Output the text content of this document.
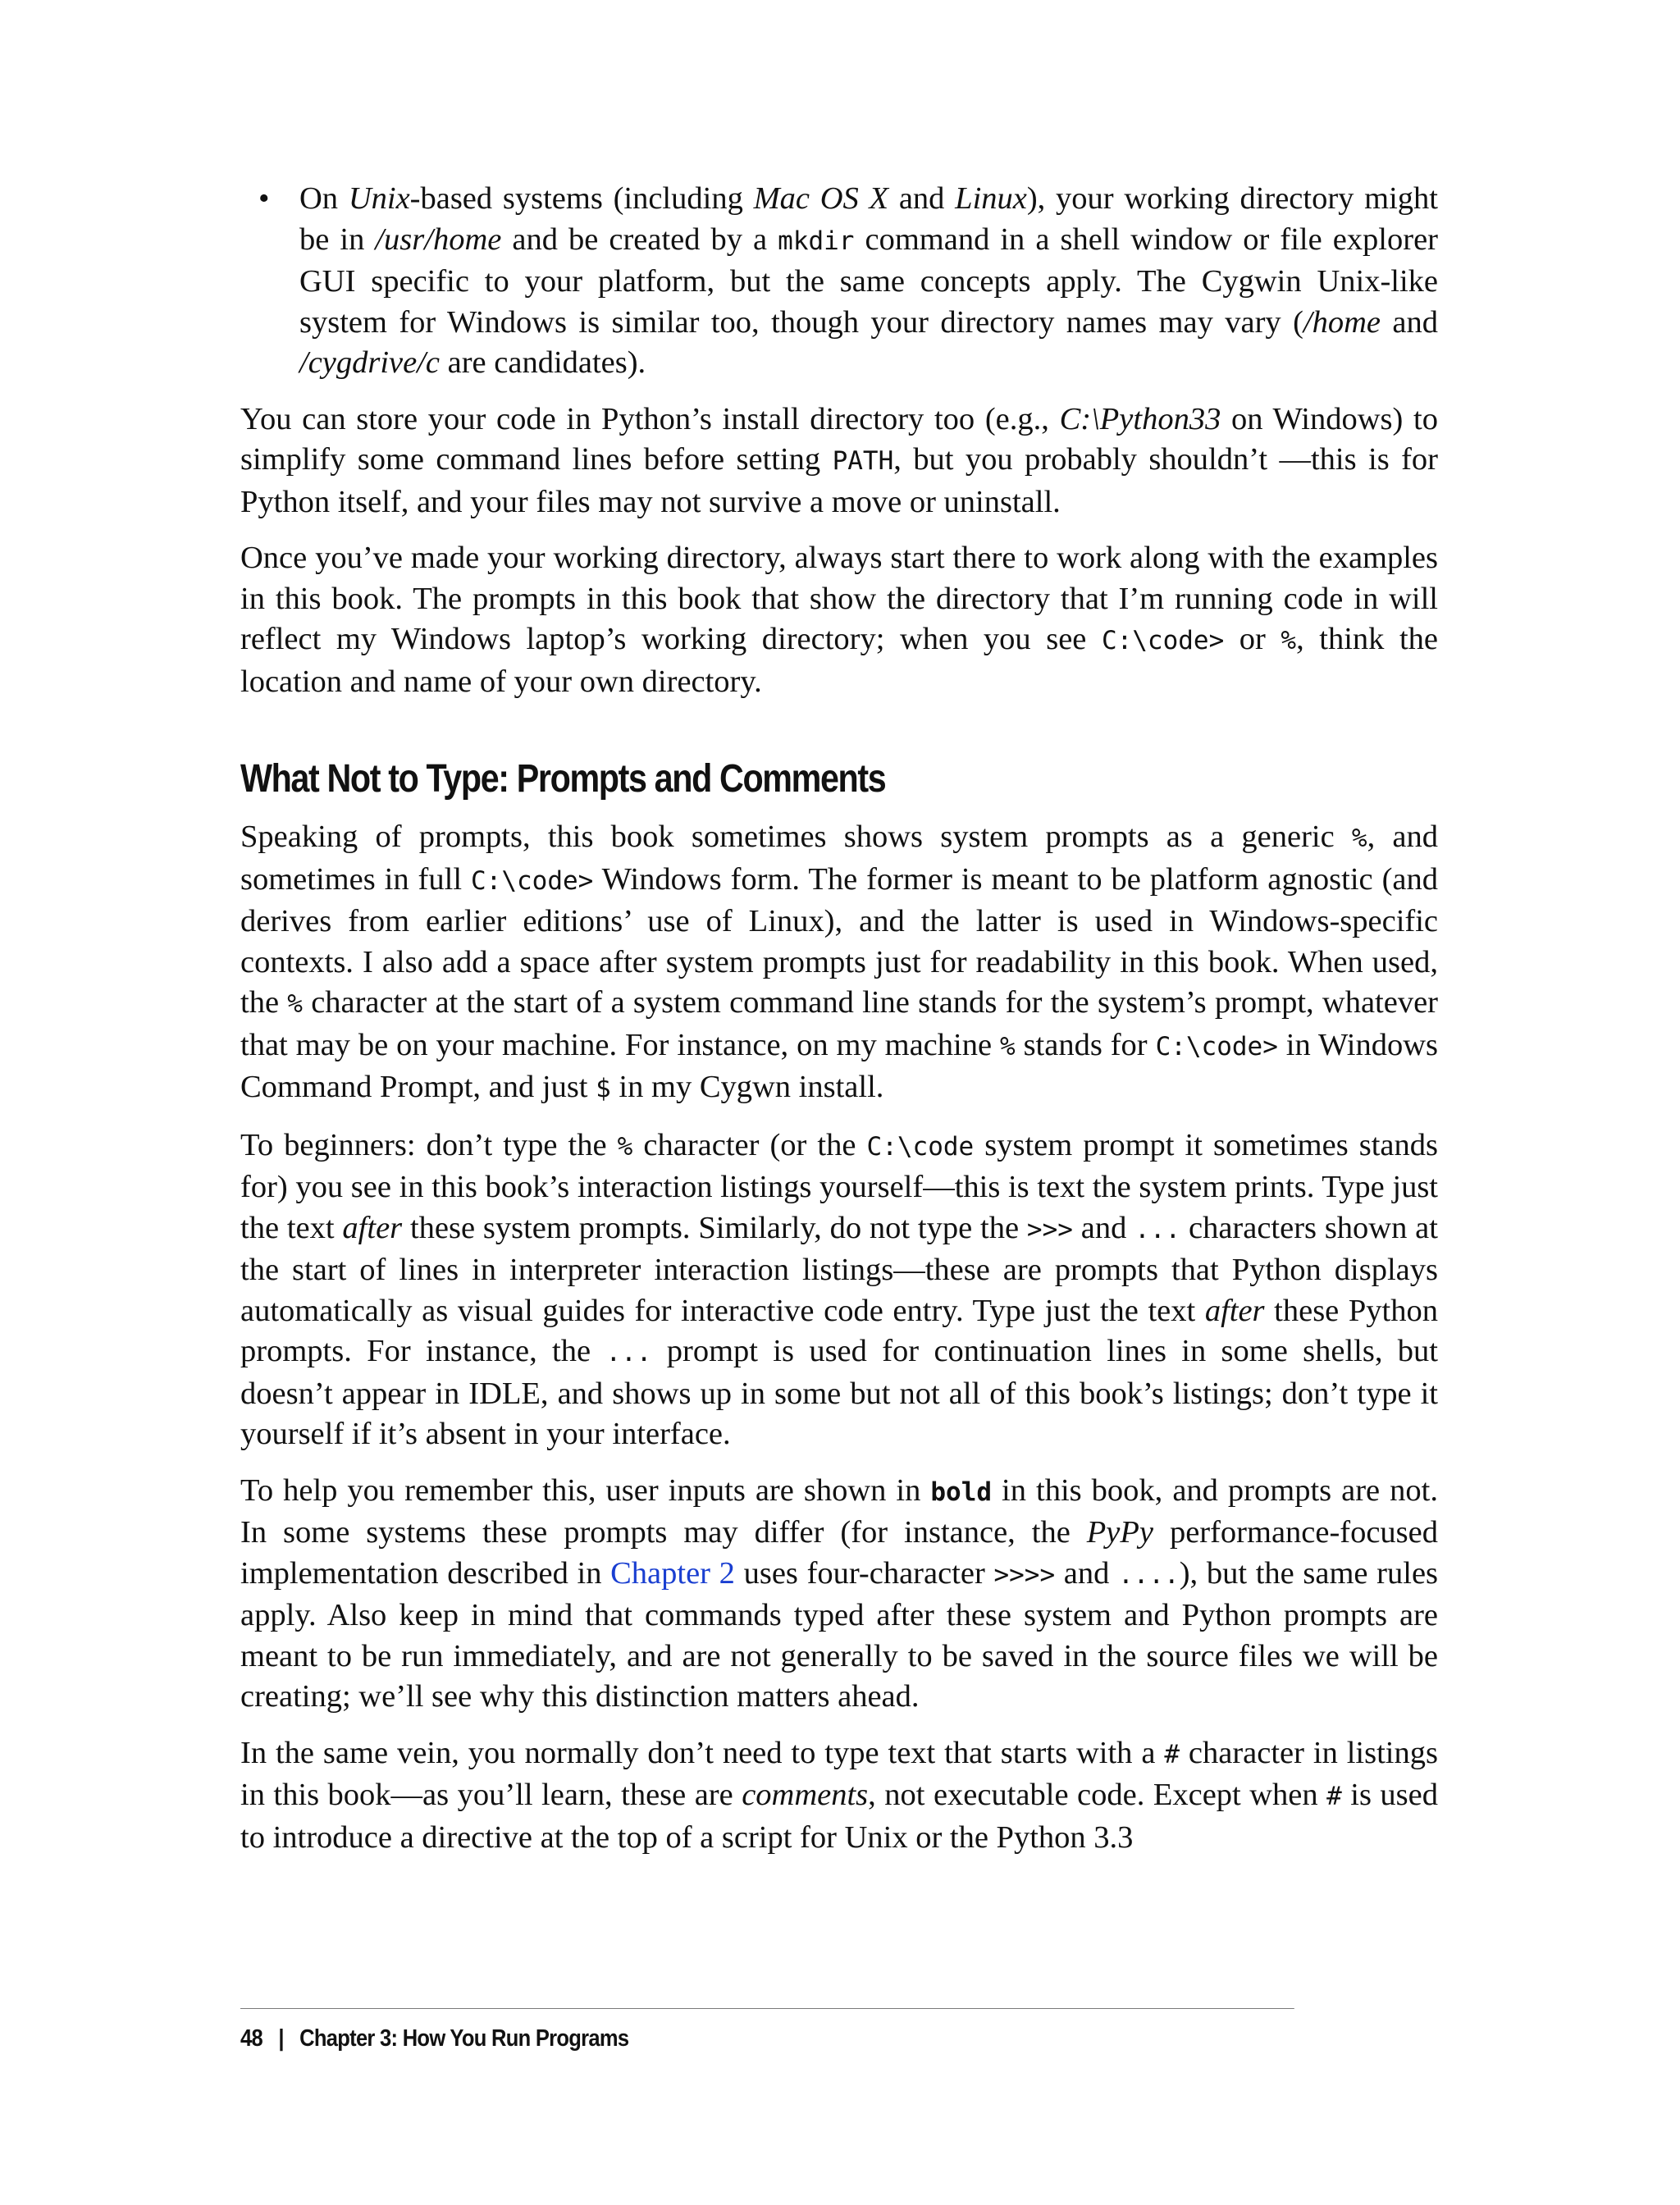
• On Unix-based systems (including Mac OS X and Linux), your working directory might be in /usr/home and be created by a mkdir command in a shell window or file explorer GUI specific to your platform, but the same concepts apply. The Cygwin Unix-like system for Windows is similar too, though your directory names may vary (/home and /cygdrive/c are candidates).

You can store your code in Python’s install directory too (e.g., C:\Python33 on Windows) to simplify some command lines before setting PATH, but you probably shouldn’t —this is for Python itself, and your files may not survive a move or uninstall.

Once you’ve made your working directory, always start there to work along with the examples in this book. The prompts in this book that show the directory that I’m running code in will reflect my Windows laptop’s working directory; when you see C:\code> or %, think the location and name of your own directory.

What Not to Type: Prompts and Comments

Speaking of prompts, this book sometimes shows system prompts as a generic %, and sometimes in full C:\code> Windows form. The former is meant to be platform agnostic (and derives from earlier editions’ use of Linux), and the latter is used in Windows-specific contexts. I also add a space after system prompts just for readability in this book. When used, the % character at the start of a system command line stands for the system’s prompt, whatever that may be on your machine. For instance, on my machine % stands for C:\code> in Windows Command Prompt, and just $ in my Cygwn install.

To beginners: don’t type the % character (or the C:\code system prompt it sometimes stands for) you see in this book’s interaction listings yourself—this is text the system prints. Type just the text after these system prompts. Similarly, do not type the >>> and ... characters shown at the start of lines in interpreter interaction listings—these are prompts that Python displays automatically as visual guides for interactive code entry. Type just the text after these Python prompts. For instance, the ... prompt is used for continuation lines in some shells, but doesn’t appear in IDLE, and shows up in some but not all of this book’s listings; don’t type it yourself if it’s absent in your interface.

To help you remember this, user inputs are shown in bold in this book, and prompts are not. In some systems these prompts may differ (for instance, the PyPy performance-focused implementation described in Chapter 2 uses four-character >>>> and ....), but the same rules apply. Also keep in mind that commands typed after these system and Python prompts are meant to be run immediately, and are not generally to be saved in the source files we will be creating; we’ll see why this distinction matters ahead.

In the same vein, you normally don’t need to type text that starts with a # character in listings in this book—as you’ll learn, these are comments, not executable code. Except when # is used to introduce a directive at the top of a script for Unix or the Python 3.3

48 | Chapter 3: How You Run Programs
